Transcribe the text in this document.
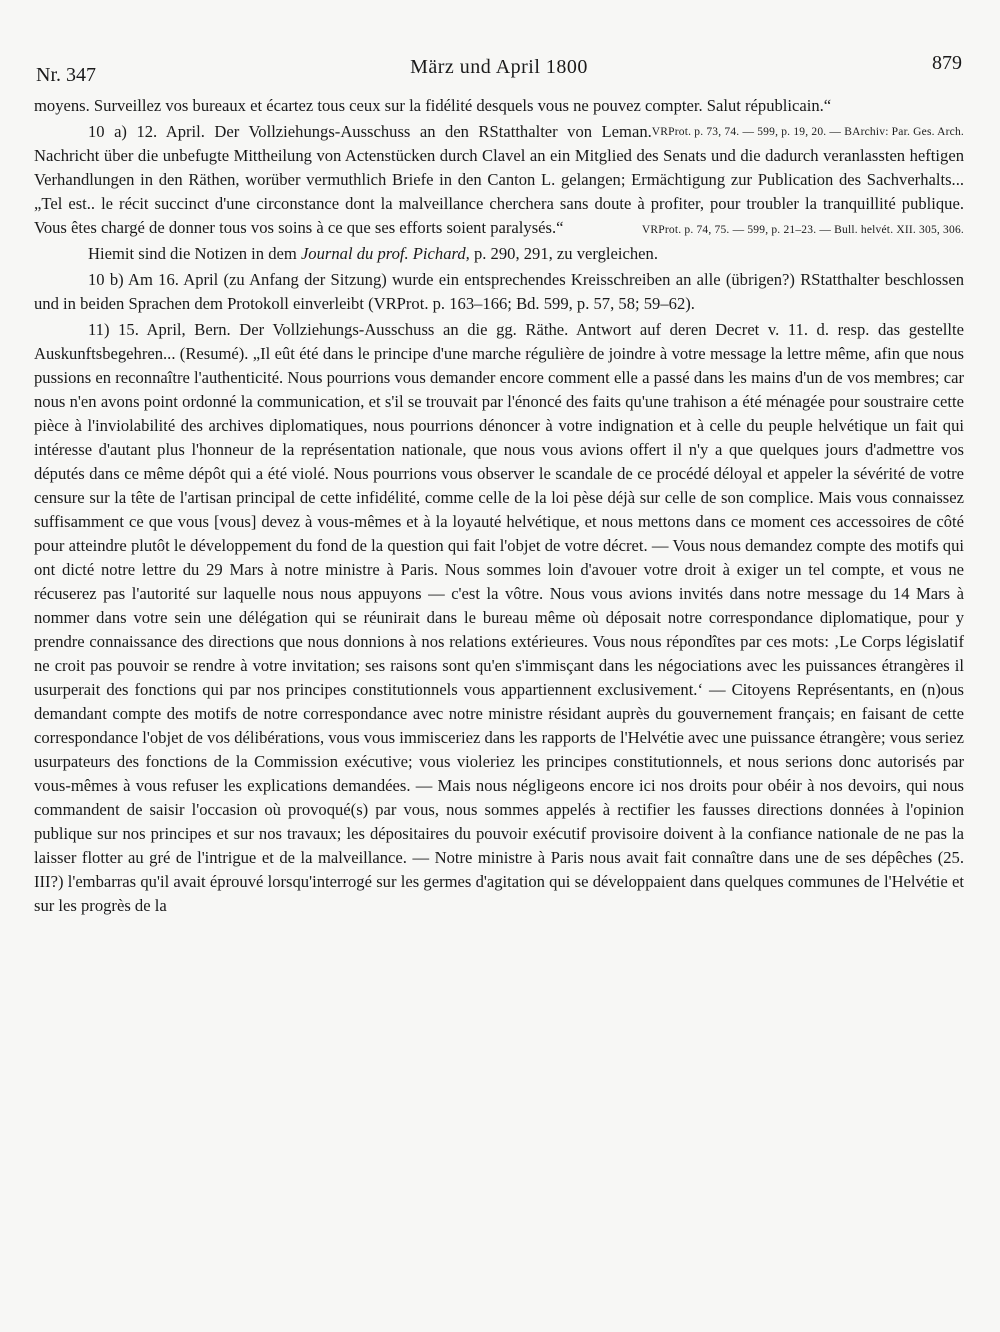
Nr. 347	März und April 1800	879

moyens. Surveillez vos bureaux et écartez tous ceux sur la fidélité desquels vous ne pouvez compter. Salut républicain.“
VRProt. p. 73, 74. — 599, p. 19, 20. — BArchiv: Par. Ges. Arch.

10 a) 12. April. Der Vollziehungs-Ausschuss an den RStatthalter von Leman. Nachricht über die unbefugte Mittheilung von Actenstücken durch Clavel an ein Mitglied des Senats und die dadurch veranlassten heftigen Verhandlungen in den Räthen, worüber vermuthlich Briefe in den Canton L. gelangen; Ermächtigung zur Publication des Sachverhalts... „Tel est.. le récit succinct d'une circonstance dont la malveillance cherchera sans doute à profiter, pour troubler la tranquillité publique. Vous êtes chargé de donner tous vos soins à ce que ses efforts soient paralysés.“	VRProt. p. 74, 75. — 599, p. 21–23. — Bull. helvét. XII. 305, 306.

Hiemit sind die Notizen in dem Journal du prof. Pichard, p. 290, 291, zu vergleichen.

10 b) Am 16. April (zu Anfang der Sitzung) wurde ein entsprechendes Kreisschreiben an alle (übrigen?) RStatthalter beschlossen und in beiden Sprachen dem Protokoll einverleibt (VRProt. p. 163–166; Bd. 599, p. 57, 58; 59–62).

11) 15. April, Bern. Der Vollziehungs-Ausschuss an die gg. Räthe. Antwort auf deren Decret v. 11. d. resp. das gestellte Auskunftsbegehren... (Resumé). „Il eût été dans le principe d'une marche régulière de joindre à votre message la lettre même, afin que nous pussions en reconnaître l'authenticité. Nous pourrions vous demander encore comment elle a passé dans les mains d'un de vos membres; car nous n'en avons point ordonné la communication, et s'il se trouvait par l'énoncé des faits qu'une trahison a été ménagée pour soustraire cette pièce à l'inviolabilité des archives diplomatiques, nous pourrions dénoncer à votre indignation et à celle du peuple helvétique un fait qui intéresse d'autant plus l'honneur de la représentation nationale, que nous vous avions offert il n'y a que quelques jours d'admettre vos députés dans ce même dépôt qui a été violé. Nous pourrions vous observer le scandale de ce procédé déloyal et appeler la sévérité de votre censure sur la tête de l'artisan principal de cette infidélité, comme celle de la loi pèse déjà sur celle de son complice. Mais vous connaissez suffisamment ce que vous [vous] devez à vous-mêmes et à la loyauté helvétique, et nous mettons dans ce moment ces accessoires de côté pour atteindre plutôt le développement du fond de la question qui fait l'objet de votre décret. — Vous nous demandez compte des motifs qui ont dicté notre lettre du 29 Mars à notre ministre à Paris. Nous sommes loin d'avouer votre droit à exiger un tel compte, et vous ne récuserez pas l'autorité sur laquelle nous nous appuyons — c'est la vôtre. Nous vous avions invités dans notre message du 14 Mars à nommer dans votre sein une délégation qui se réunirait dans le bureau même où déposait notre correspondance diplomatique, pour y prendre connaissance des directions que nous donnions à nos relations extérieures. Vous nous répondîtes par ces mots: ‚Le Corps législatif ne croit pas pouvoir se rendre à votre invitation; ses raisons sont qu'en s'immisçant dans les négociations avec les puissances étrangères il usurperait des fonctions qui par nos principes constitutionnels vous appartiennent exclusivement.‘ — Citoyens Représentants, en (n)ous demandant compte des motifs de notre correspondance avec notre ministre résidant auprès du gouvernement français; en faisant de cette correspondance l'objet de vos délibérations, vous vous immisceriez dans les rapports de l'Helvétie avec une puissance étrangère; vous seriez usurpateurs des fonctions de la Commission exécutive; vous violeriez les principes constitutionnels, et nous serions donc autorisés par vous-mêmes à vous refuser les explications demandées. — Mais nous négligeons encore ici nos droits pour obéir à nos devoirs, qui nous commandent de saisir l'occasion où provoqué(s) par vous, nous sommes appelés à rectifier les fausses directions données à l'opinion publique sur nos principes et sur nos travaux; les dépositaires du pouvoir exécutif provisoire doivent à la confiance nationale de ne pas la laisser flotter au gré de l'intrigue et de la malveillance. — Notre ministre à Paris nous avait fait connaître dans une de ses dépêches (25. III?) l'embarras qu'il avait éprouvé lorsqu'interrogé sur les germes d'agitation qui se développaient dans quelques communes de l'Helvétie et sur les progrès de la
